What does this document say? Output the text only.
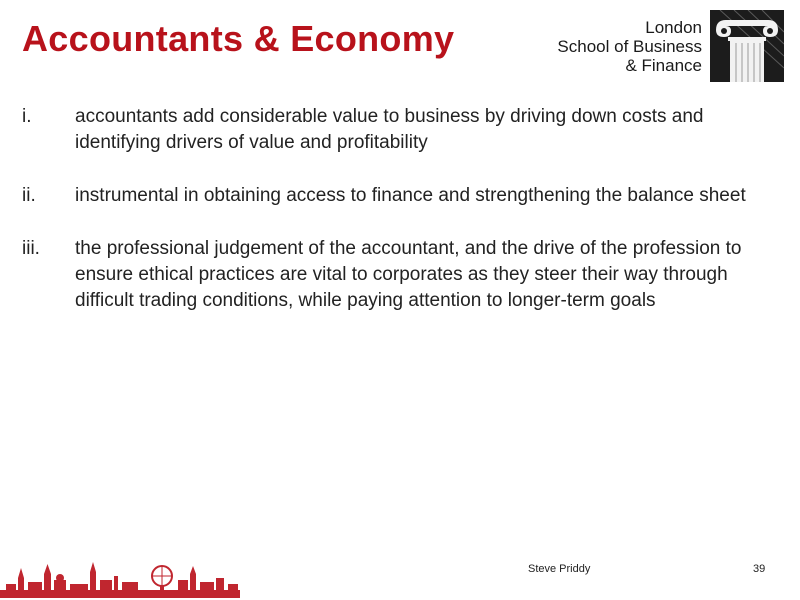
Accountants & Economy	London
School of Business
& Finance
i. accountants add considerable value to business by driving down costs and identifying drivers of value and profitability
ii. instrumental in obtaining access to finance and strengthening the balance sheet
iii. the professional judgement of the accountant, and the drive of the profession to ensure ethical practices are vital to corporates as they steer their way through difficult trading conditions, while paying attention to longer-term goals
Steve Priddy	39
